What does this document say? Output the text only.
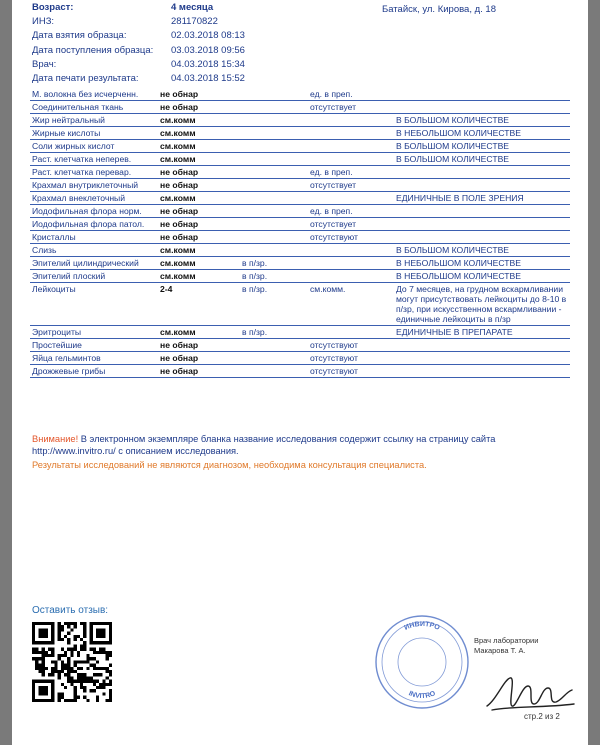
Возраст:	4 месяца
ИНЗ:	281170822
Дата взятия образца:	02.03.2018 08:13
Дата поступления образца: 03.03.2018 09:56
Врач:	04.03.2018 15:34
Дата печати результата:	04.03.2018 15:52
Батайск, ул. Кирова, д. 18
М. волокна без исчерченн.	не обнар		ед. в преп.	
Соединительная ткань	не обнар		отсутствует	
Жир нейтральный	см.комм			В БОЛЬШОМ КОЛИЧЕСТВЕ
Жирные кислоты	см.комм			В НЕБОЛЬШОМ КОЛИЧЕСТВЕ
Соли жирных кислот	см.комм			В БОЛЬШОМ КОЛИЧЕСТВЕ
Раст. клетчатка неперев.	см.комм			В БОЛЬШОМ КОЛИЧЕСТВЕ
Раст. клетчатка перевар.	не обнар		ед. в преп.	
Крахмал внутриклеточный	не обнар		отсутствует	
Крахмал внеклеточный	см.комм			ЕДИНИЧНЫЕ В ПОЛЕ ЗРЕНИЯ
Иодофильная флора норм.	не обнар		ед. в преп.	
Иодофильная флора патол.	не обнар		отсутствует	
Кристаллы	не обнар		отсутствуют	
Слизь	см.комм			В БОЛЬШОМ КОЛИЧЕСТВЕ
Эпителий цилиндрический	см.комм	в п/зр.		В НЕБОЛЬШОМ КОЛИЧЕСТВЕ
Эпителий плоский	см.комм	в п/зр.		В НЕБОЛЬШОМ КОЛИЧЕСТВЕ
Лейкоциты	2-4	в п/зр.	см.комм.	До 7 месяцев, на грудном вскармливании могут присутствовать лейкоциты до 8-10 в п/зр, при искусственном вскармливании - единичные лейкоциты в п/зр
Эритроциты	см.комм	в п/зр.		ЕДИНИЧНЫЕ В ПРЕПАРАТЕ
Простейшие	не обнар		отсутствуют	
Яйца гельминтов	не обнар		отсутствуют	
Дрожжевые грибы	не обнар		отсутствуют	
Внимание! В электронном экземпляре бланка название исследования содержит ссылку на страницу сайта http://www.invitro.ru/ с описанием исследования.
Результаты исследований не являются диагнозом, необходима консультация специалиста.
Оставить отзыв:
ИНВИТРО
INVITRO
Врач лаборатории
Макарова Т. А.
стр.2 из 2
